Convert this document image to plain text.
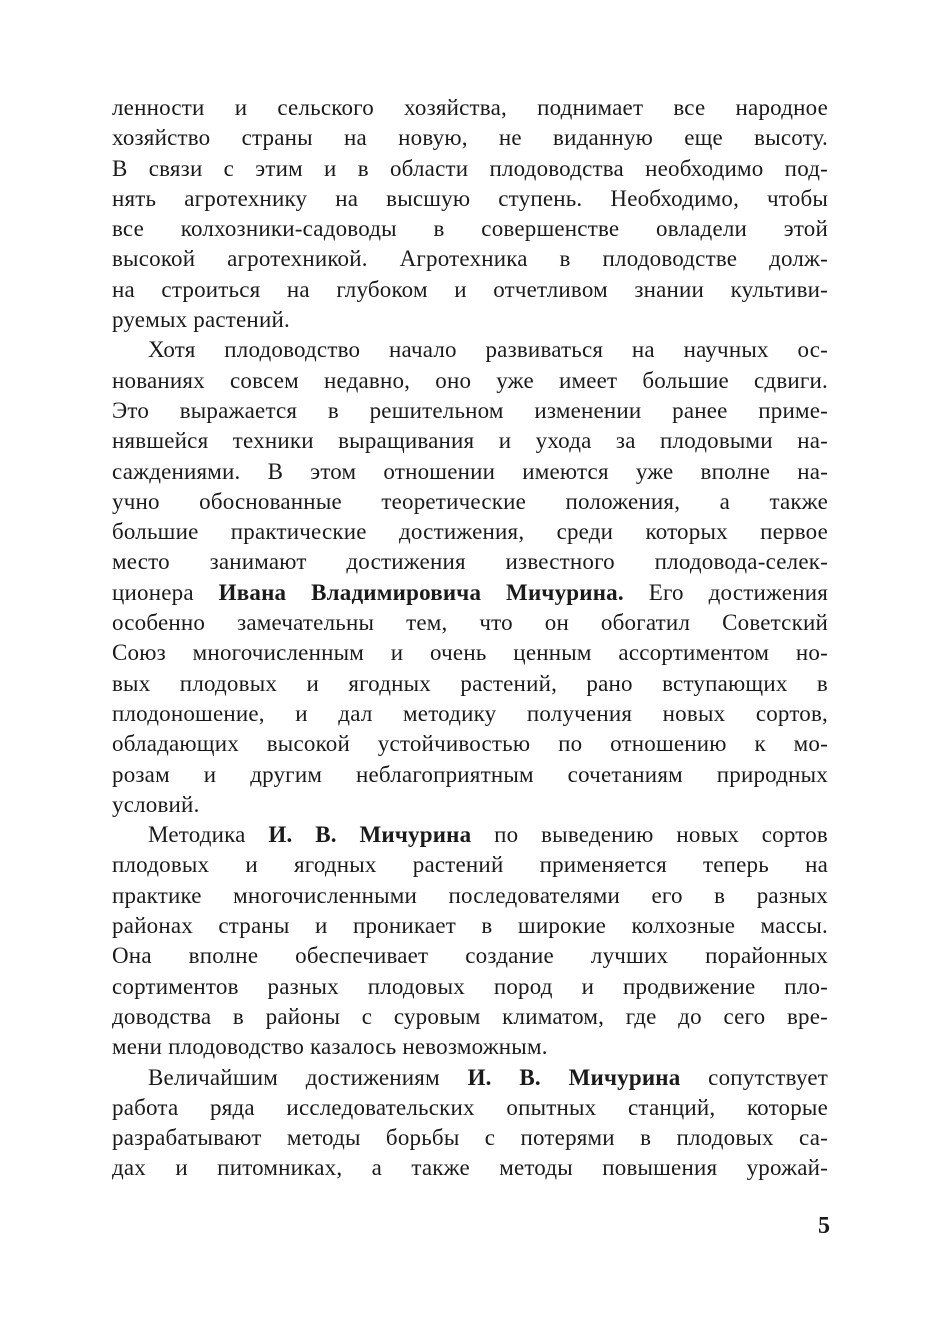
ленности и сельского хозяйства, поднимает все народное
хозяйство страны на новую, не виданную еще высоту.
В связи с этим и в области плодоводства необходимо под-
нять агротехнику на высшую ступень. Необходимо, чтобы
все колхозники-садоводы в совершенстве овладели этой
высокой агротехникой. Агротехника в плодоводстве долж-
на строиться на глубоком и отчетливом знании культиви-
руемых растений.
Хотя плодоводство начало развиваться на научных ос-
нованиях совсем недавно, оно уже имеет большие сдвиги.
Это выражается в решительном изменении ранее приме-
нявшейся техники выращивания и ухода за плодовыми на-
саждениями. В этом отношении имеются уже вполне на-
учно обоснованные теоретические положения, а также
большие практические достижения, среди которых первое
место занимают достижения известного плодовода-селек-
ционера Ивана Владимировича Мичурина. Его достижения
особенно замечательны тем, что он обогатил Советский
Союз многочисленным и очень ценным ассортиментом но-
вых плодовых и ягодных растений, рано вступающих в
плодоношение, и дал методику получения новых сортов,
обладающих высокой устойчивостью по отношению к мо-
розам и другим неблагоприятным сочетаниям природных
условий.
Методика И. В. Мичурина по выведению новых сортов
плодовых и ягодных растений применяется теперь на
практике многочисленными последователями его в разных
районах страны и проникает в широкие колхозные массы.
Она вполне обеспечивает создание лучших порайонных
сортиментов разных плодовых пород и продвижение пло-
доводства в районы с суровым климатом, где до сего вре-
мени плодоводство казалось невозможным.
Величайшим достижениям И. В. Мичурина сопутствует
работа ряда исследовательских опытных станций, которые
разрабатывают методы борьбы с потерями в плодовых са-
дах и питомниках, а также методы повышения урожай-
5
